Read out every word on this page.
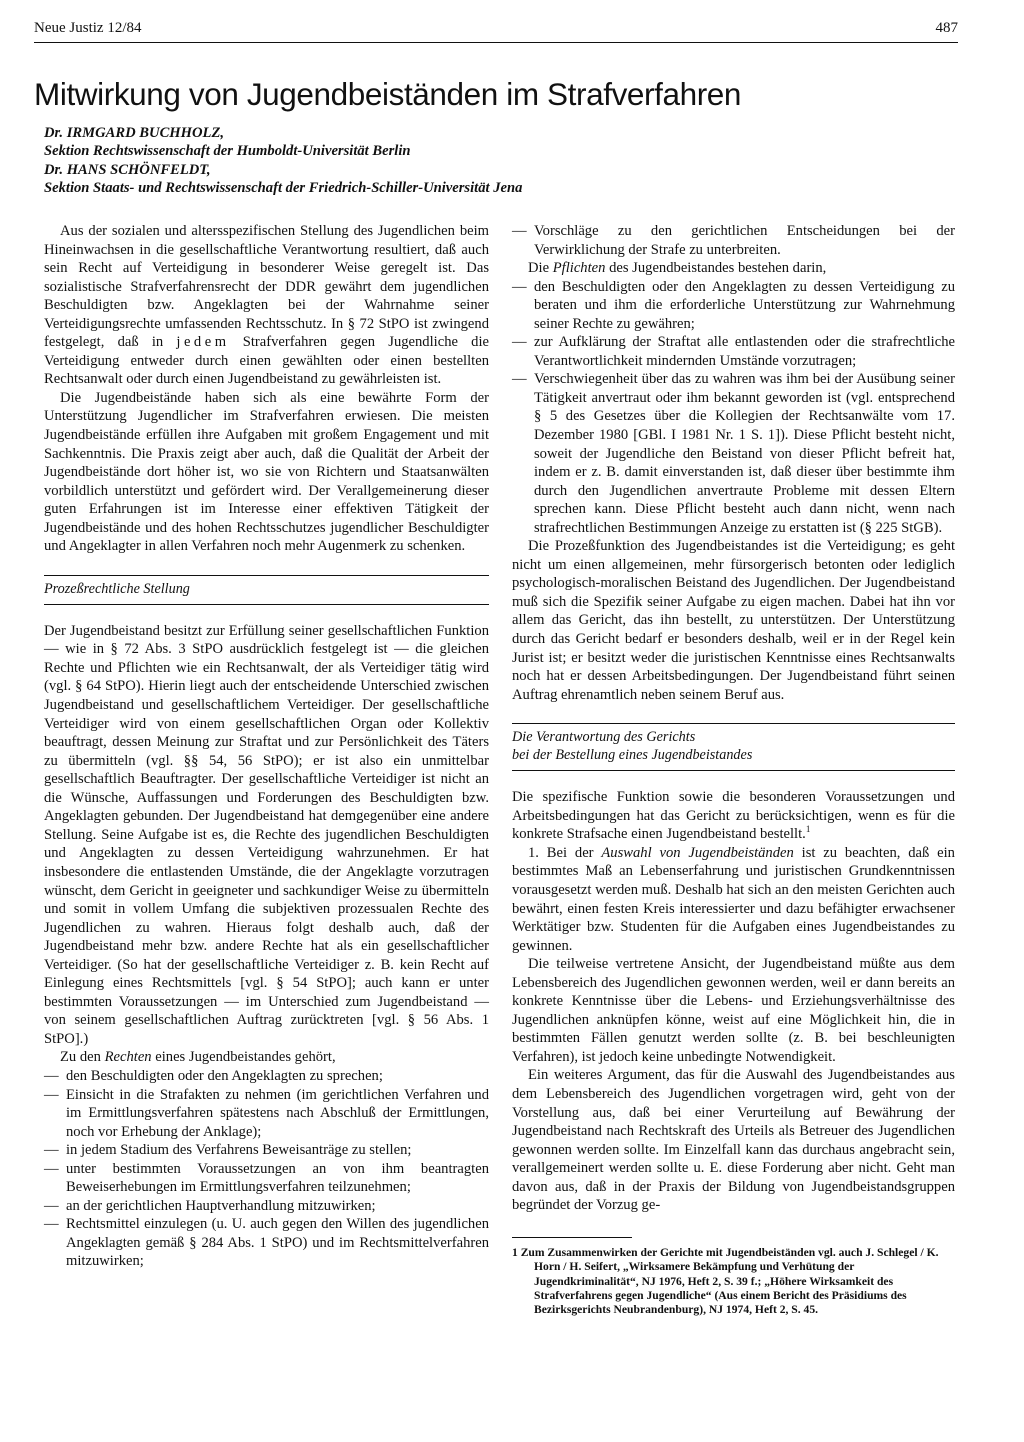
Neue Justiz 12/84	487
Mitwirkung von Jugendbeiständen im Strafverfahren
Dr. IRMGARD BUCHHOLZ,
Sektion Rechtswissenschaft der Humboldt-Universität Berlin
Dr. HANS SCHÖNFELDT,
Sektion Staats- und Rechtswissenschaft der Friedrich-Schiller-Universität Jena

Aus der sozialen und altersspezifischen Stellung des Jugendlichen beim Hineinwachsen in die gesellschaftliche Verantwortung resultiert, daß auch sein Recht auf Verteidigung in besonderer Weise geregelt ist. Das sozialistische Strafverfahrensrecht der DDR gewährt dem jugendlichen Beschuldigten bzw. Angeklagten bei der Wahrnahme seiner Verteidigungsrechte umfassenden Rechtsschutz. In § 72 StPO ist zwingend festgelegt, daß in jedem Strafverfahren gegen Jugendliche die Verteidigung entweder durch einen gewählten oder einen bestellten Rechtsanwalt oder durch einen Jugendbeistand zu gewährleisten ist.

Die Jugendbeistände haben sich als eine bewährte Form der Unterstützung Jugendlicher im Strafverfahren erwiesen. Die meisten Jugendbeistände erfüllen ihre Aufgaben mit großem Engagement und mit Sachkenntnis. Die Praxis zeigt aber auch, daß die Qualität der Arbeit der Jugendbeistände dort höher ist, wo sie von Richtern und Staatsanwälten vorbildlich unterstützt und gefördert wird. Der Verallgemeinerung dieser guten Erfahrungen ist im Interesse einer effektiven Tätigkeit der Jugendbeistände und des hohen Rechtsschutzes jugendlicher Beschuldigter und Angeklagter in allen Verfahren noch mehr Augenmerk zu schenken.

Prozeßrechtliche Stellung

Der Jugendbeistand besitzt zur Erfüllung seiner gesellschaftlichen Funktion — wie in § 72 Abs. 3 StPO ausdrücklich festgelegt ist — die gleichen Rechte und Pflichten wie ein Rechtsanwalt, der als Verteidiger tätig wird (vgl. § 64 StPO). Hierin liegt auch der entscheidende Unterschied zwischen Jugendbeistand und gesellschaftlichem Verteidiger. Der gesellschaftliche Verteidiger wird von einem gesellschaftlichen Organ oder Kollektiv beauftragt, dessen Meinung zur Straftat und zur Persönlichkeit des Täters zu übermitteln (vgl. §§ 54, 56 StPO); er ist also ein unmittelbar gesellschaftlich Beauftragter. Der gesellschaftliche Verteidiger ist nicht an die Wünsche, Auffassungen und Forderungen des Beschuldigten bzw. Angeklagten gebunden. Der Jugendbeistand hat demgegenüber eine andere Stellung. Seine Aufgabe ist es, die Rechte des jugendlichen Beschuldigten und Angeklagten zu dessen Verteidigung wahrzunehmen. Er hat insbesondere die entlastenden Umstände, die der Angeklagte vorzutragen wünscht, dem Gericht in geeigneter und sachkundiger Weise zu übermitteln und somit in vollem Umfang die subjektiven prozessualen Rechte des Jugendlichen zu wahren. Hieraus folgt deshalb auch, daß der Jugendbeistand mehr bzw. andere Rechte hat als ein gesellschaftlicher Verteidiger. (So hat der gesellschaftliche Verteidiger z. B. kein Recht auf Einlegung eines Rechtsmittels [vgl. § 54 StPO]; auch kann er unter bestimmten Voraussetzungen — im Unterschied zum Jugendbeistand — von seinem gesellschaftlichen Auftrag zurücktreten [vgl. § 56 Abs. 1 StPO].)

Zu den Rechten eines Jugendbeistandes gehört,

— den Beschuldigten oder den Angeklagten zu sprechen;

— Einsicht in die Strafakten zu nehmen (im gerichtlichen Verfahren und im Ermittlungsverfahren spätestens nach Abschluß der Ermittlungen, noch vor Erhebung der Anklage);

— in jedem Stadium des Verfahrens Beweisanträge zu stellen;

— unter bestimmten Voraussetzungen an von ihm beantragten Beweiserhebungen im Ermittlungsverfahren teilzunehmen;

— an der gerichtlichen Hauptverhandlung mitzuwirken;

— Rechtsmittel einzulegen (u. U. auch gegen den Willen des jugendlichen Angeklagten gemäß § 284 Abs. 1 StPO) und im Rechtsmittelverfahren mitzuwirken;

— Vorschläge zu den gerichtlichen Entscheidungen bei der Verwirklichung der Strafe zu unterbreiten.

Die Pflichten des Jugendbeistandes bestehen darin,

— den Beschuldigten oder den Angeklagten zu dessen Verteidigung zu beraten und ihm die erforderliche Unterstützung zur Wahrnehmung seiner Rechte zu gewähren;

— zur Aufklärung der Straftat alle entlastenden oder die strafrechtliche Verantwortlichkeit mindernden Umstände vorzutragen;

— Verschwiegenheit über das zu wahren was ihm bei der Ausübung seiner Tätigkeit anvertraut oder ihm bekannt geworden ist (vgl. entsprechend § 5 des Gesetzes über die Kollegien der Rechtsanwälte vom 17. Dezember 1980 [GBl. I 1981 Nr. 1 S. 1]). Diese Pflicht besteht nicht, soweit der Jugendliche den Beistand von dieser Pflicht befreit hat, indem er z. B. damit einverstanden ist, daß dieser über bestimmte ihm durch den Jugendlichen anvertraute Probleme mit dessen Eltern sprechen kann. Diese Pflicht besteht auch dann nicht, wenn nach strafrechtlichen Bestimmungen Anzeige zu erstatten ist (§ 225 StGB).

Die Prozeßfunktion des Jugendbeistandes ist die Verteidigung; es geht nicht um einen allgemeinen, mehr fürsorgerisch betonten oder lediglich psychologisch-moralischen Beistand des Jugendlichen. Der Jugendbeistand muß sich die Spezifik seiner Aufgabe zu eigen machen. Dabei hat ihn vor allem das Gericht, das ihn bestellt, zu unterstützen. Der Unterstützung durch das Gericht bedarf er besonders deshalb, weil er in der Regel kein Jurist ist; er besitzt weder die juristischen Kenntnisse eines Rechtsanwalts noch hat er dessen Arbeitsbedingungen. Der Jugendbeistand führt seinen Auftrag ehrenamtlich neben seinem Beruf aus.

Die Verantwortung des Gerichts
bei der Bestellung eines Jugendbeistandes

Die spezifische Funktion sowie die besonderen Voraussetzungen und Arbeitsbedingungen hat das Gericht zu berücksichtigen, wenn es für die konkrete Strafsache einen Jugendbeistand bestellt.$^1$

1. Bei der Auswahl von Jugendbeiständen ist zu beachten, daß ein bestimmtes Maß an Lebenserfahrung und juristischen Grundkenntnissen vorausgesetzt werden muß. Deshalb hat sich an den meisten Gerichten auch bewährt, einen festen Kreis interessierter und dazu befähigter erwachsener Werktätiger bzw. Studenten für die Aufgaben eines Jugendbeistandes zu gewinnen.

Die teilweise vertretene Ansicht, der Jugendbeistand müßte aus dem Lebensbereich des Jugendlichen gewonnen werden, weil er dann bereits an konkrete Kenntnisse über die Lebens- und Erziehungsverhältnisse des Jugendlichen anknüpfen könne, weist auf eine Möglichkeit hin, die in bestimmten Fällen genutzt werden sollte (z. B. bei beschleunigten Verfahren), ist jedoch keine unbedingte Notwendigkeit.

Ein weiteres Argument, das für die Auswahl des Jugendbeistandes aus dem Lebensbereich des Jugendlichen vorgetragen wird, geht von der Vorstellung aus, daß bei einer Verurteilung auf Bewährung der Jugendbeistand nach Rechtskraft des Urteils als Betreuer des Jugendlichen gewonnen werden sollte. Im Einzelfall kann das durchaus angebracht sein, verallgemeinert werden sollte u. E. diese Forderung aber nicht. Geht man davon aus, daß in der Praxis der Bildung von Jugendbeistandsgruppen begründet der Vorzug ge-

1 Zum Zusammenwirken der Gerichte mit Jugendbeiständen vgl. auch J. Schlegel / K. Horn / H. Seifert, „Wirksamere Bekämpfung und Verhütung der Jugendkriminalität“, NJ 1976, Heft 2, S. 39 f.; „Höhere Wirksamkeit des Strafverfahrens gegen Jugendliche“ (Aus einem Bericht des Präsidiums des Bezirksgerichts Neubrandenburg), NJ 1974, Heft 2, S. 45.
